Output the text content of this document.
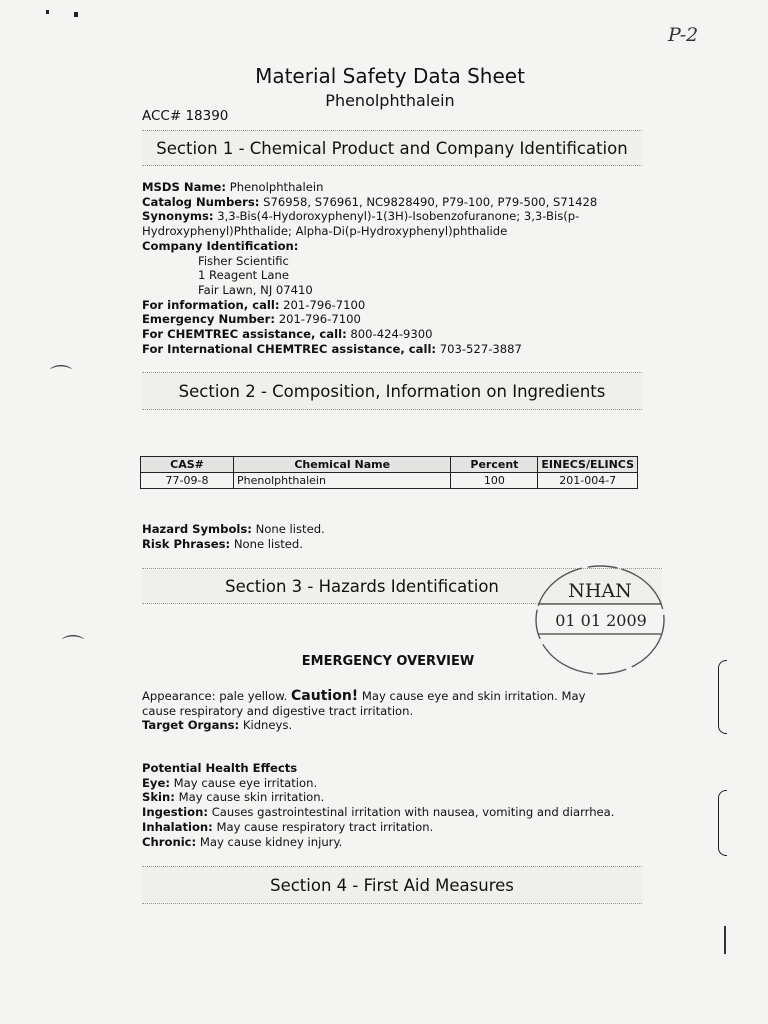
P-2
Material Safety Data Sheet
Phenolphthalein
ACC# 18390
Section 1 - Chemical Product and Company Identification
MSDS Name: Phenolphthalein
Catalog Numbers: S76958, S76961, NC9828490, P79-100, P79-500, S71428
Synonyms: 3,3-Bis(4-Hydoroxyphenyl)-1(3H)-Isobenzofuranone; 3,3-Bis(p-Hydroxyphenyl)Phthalide; Alpha-Di(p-Hydroxyphenyl)phthalide
Company Identification:
Fisher Scientific
1 Reagent Lane
Fair Lawn, NJ 07410
For information, call: 201-796-7100
Emergency Number: 201-796-7100
For CHEMTREC assistance, call: 800-424-9300
For International CHEMTREC assistance, call: 703-527-3887
⌒
⌒
Section 2 - Composition, Information on Ingredients
CAS#	Chemical Name	Percent	EINECS/ELINCS
77-09-8	Phenolphthalein	100	201-004-7
Hazard Symbols: None listed.
Risk Phrases: None listed.
Section 3 - Hazards Identification	NHAN
01 01 2009
EMERGENCY OVERVIEW
Appearance: pale yellow. Caution! May cause eye and skin irritation. May cause respiratory and digestive tract irritation.
Target Organs: Kidneys.
Potential Health Effects
Eye: May cause eye irritation.
Skin: May cause skin irritation.
Ingestion: Causes gastrointestinal irritation with nausea, vomiting and diarrhea.
Inhalation: May cause respiratory tract irritation.
Chronic: May cause kidney injury.
Section 4 - First Aid Measures
